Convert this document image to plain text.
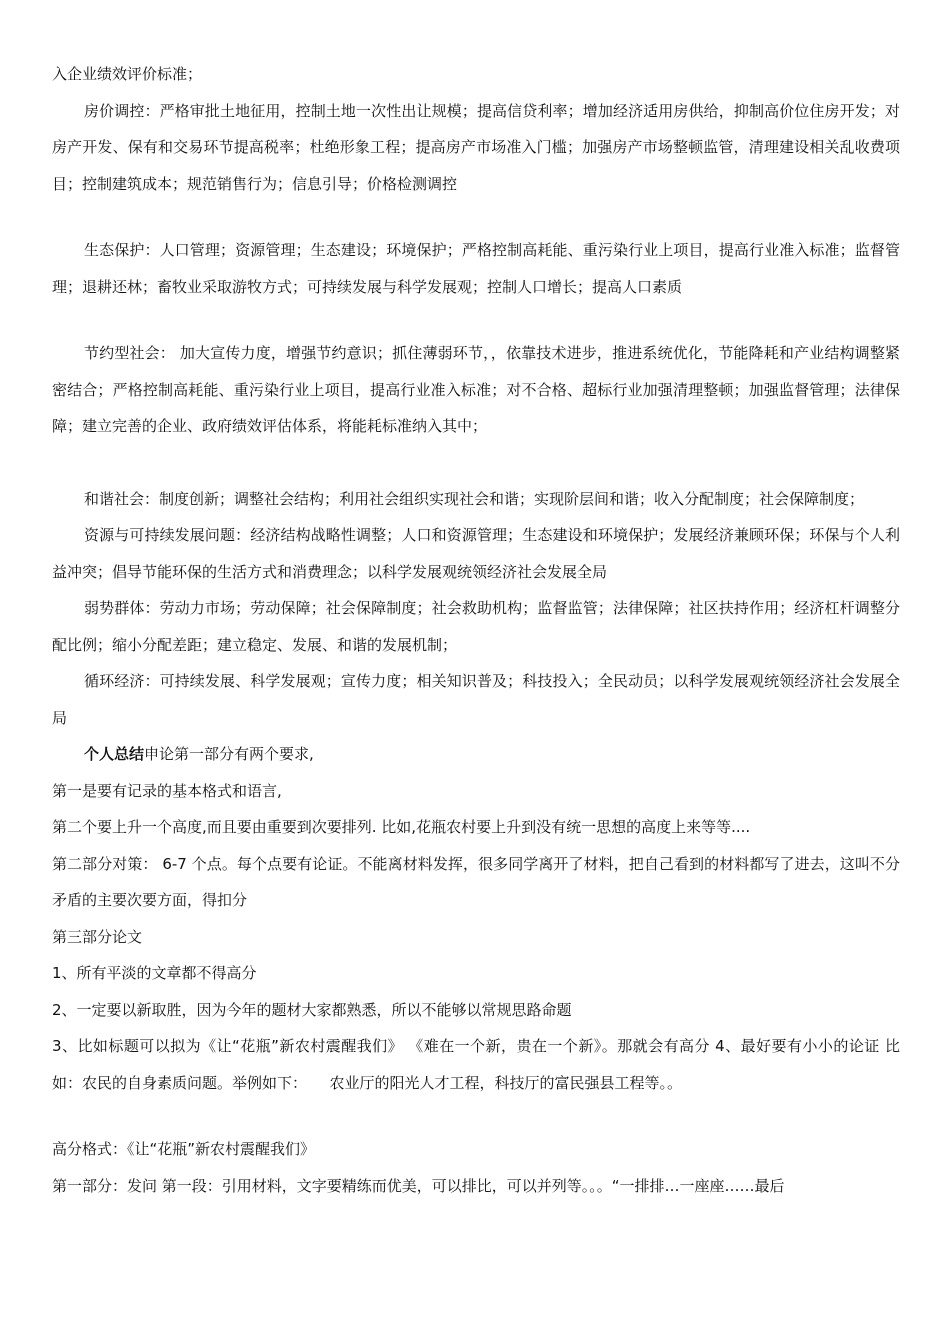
入企业绩效评价标准；

房价调控：严格审批土地征用，控制土地一次性出让规模；提高信贷利率；增加经济适用房供给，抑制高价位住房开发；对房产开发、保有和交易环节提高税率；杜绝形象工程；提高房产市场准入门槛；加强房产市场整顿监管，清理建设相关乱收费项目；控制建筑成本；规范销售行为；信息引导；价格检测调控

生态保护：人口管理；资源管理；生态建设；环境保护；严格控制高耗能、重污染行业上项目，提高行业准入标准；监督管理；退耕还林；畜牧业采取游牧方式；可持续发展与科学发展观；控制人口增长；提高人口素质

节约型社会： 加大宣传力度，增强节约意识；抓住薄弱环节，，依靠技术进步，推进系统优化，节能降耗和产业结构调整紧密结合；严格控制高耗能、重污染行业上项目，提高行业准入标准；对不合格、超标行业加强清理整顿；加强监督管理；法律保障；建立完善的企业、政府绩效评估体系，将能耗标准纳入其中；

和谐社会：制度创新；调整社会结构；利用社会组织实现社会和谐；实现阶层间和谐；收入分配制度；社会保障制度；

资源与可持续发展问题：经济结构战略性调整；人口和资源管理；生态建设和环境保护；发展经济兼顾环保；环保与个人利益冲突；倡导节能环保的生活方式和消费理念；以科学发展观统领经济社会发展全局

弱势群体：劳动力市场；劳动保障；社会保障制度；社会救助机构；监督监管；法律保障；社区扶持作用；经济杠杆调整分配比例；缩小分配差距；建立稳定、发展、和谐的发展机制；

循环经济：可持续发展、科学发展观；宣传力度；相关知识普及；科技投入；全民动员；以科学发展观统领经济社会发展全局

个人总结申论第一部分有两个要求,

第一是要有记录的基本格式和语言,

第二个要上升一个高度,而且要由重要到次要排列. 比如,花瓶农村要上升到没有统一思想的高度上来等等....

第二部分对策： 6-7 个点。每个点要有论证。不能离材料发挥，很多同学离开了材料，把自己看到的材料都写了进去，这叫不分矛盾的主要次要方面，得扣分

第三部分论文

1、所有平淡的文章都不得高分

2、一定要以新取胜，因为今年的题材大家都熟悉，所以不能够以常规思路命题

3、比如标题可以拟为《让“花瓶”新农村震醒我们》 《难在一个新，贵在一个新》。那就会有高分 4、最好要有小小的论证 比如：农民的自身素质问题。举例如下：　　农业厅的阳光人才工程，科技厅的富民强县工程等。。

高分格式：《让“花瓶”新农村震醒我们》

第一部分：发问 第一段：引用材料，文字要精练而优美，可以排比，可以并列等。。。“一排排…一座座……最后
